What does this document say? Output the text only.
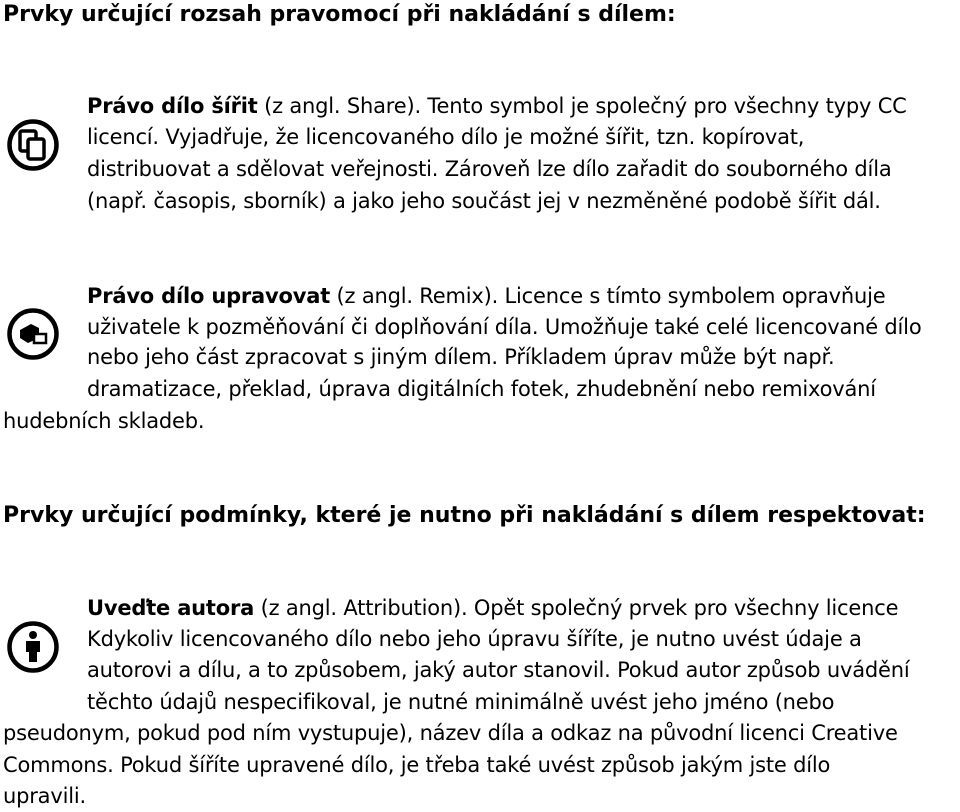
Prvky určující rozsah pravomocí při nakládání s dílem:

Právo dílo šířit (z angl. Share). Tento symbol je společný pro všechny typy CC

licencí. Vyjadřuje, že licencovaného dílo je možné šířit, tzn. kopírovat,

distribuovat a sdělovat veřejnosti. Zároveň lze dílo zařadit do souborného díla

(např. časopis, sborník) a jako jeho součást jej v nezměněné podobě šířit dál.

Právo dílo upravovat (z angl. Remix). Licence s tímto symbolem opravňuje

uživatele k pozměňování či doplňování díla. Umožňuje také celé licencované dílo

nebo jeho část zpracovat s jiným dílem. Příkladem úprav může být např.

dramatizace, překlad, úprava digitálních fotek, zhudebnění nebo remixování

hudebních skladeb.

Prvky určující podmínky, které je nutno při nakládání s dílem respektovat:

Uveďte autora (z angl. Attribution). Opět společný prvek pro všechny licence

Kdykoliv licencovaného dílo nebo jeho úpravu šíříte, je nutno uvést údaje a

autorovi a dílu, a to způsobem, jaký autor stanovil. Pokud autor způsob uvádění

těchto údajů nespecifikoval, je nutné minimálně uvést jeho jméno (nebo

pseudonym, pokud pod ním vystupuje), název díla a odkaz na původní licenci Creative

Commons. Pokud šíříte upravené dílo, je třeba také uvést způsob jakým jste dílo

upravili.
